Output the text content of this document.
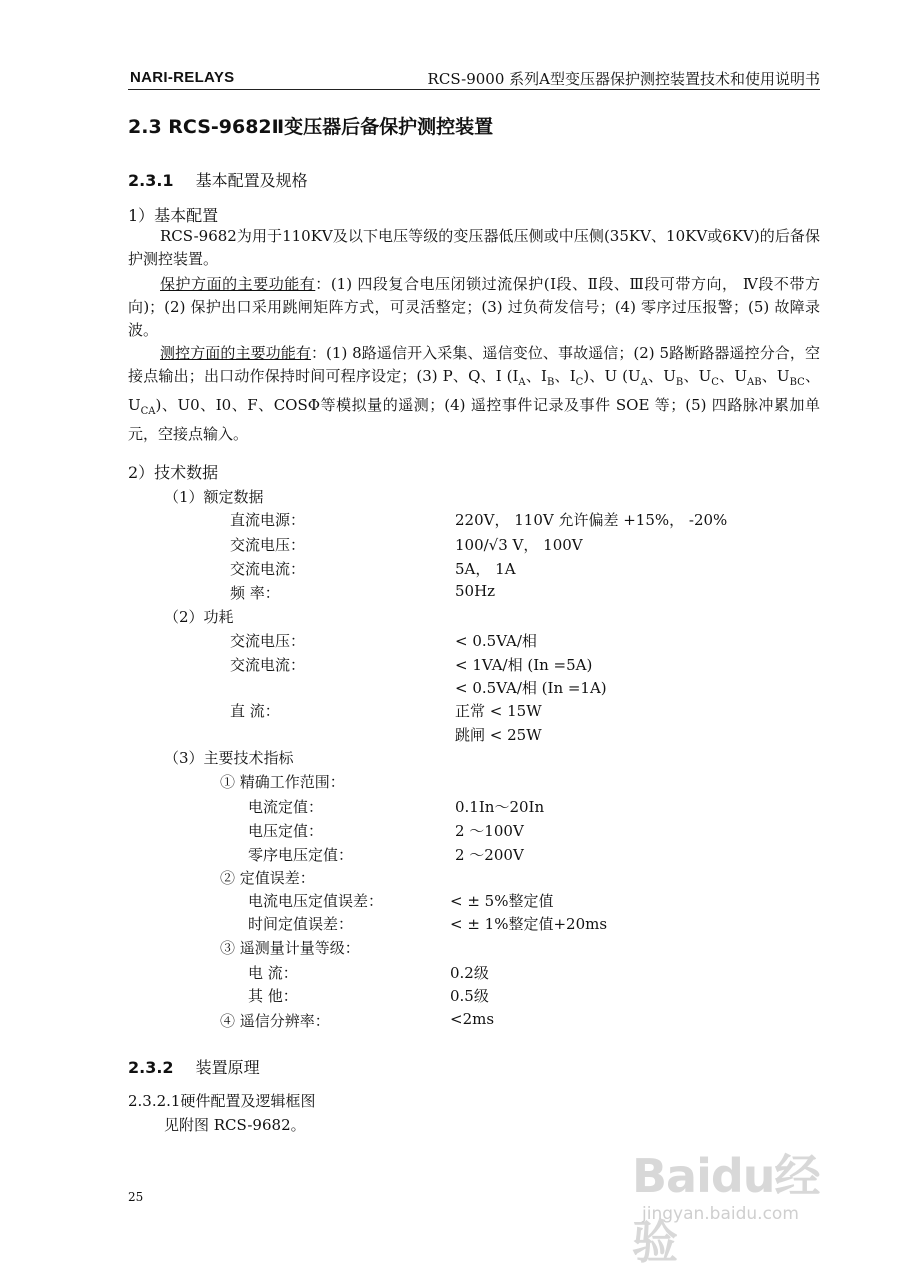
NARI-RELAYS	RCS-9000 系列A型变压器保护测控装置技术和使用说明书
2.3 RCS-9682Ⅱ变压器后备保护测控装置
2.3.1 基本配置及规格
1）基本配置
RCS-9682为用于110KV及以下电压等级的变压器低压侧或中压侧(35KV、10KV或6KV)的后备保护测控装置。
保护方面的主要功能有：(1) 四段复合电压闭锁过流保护(Ⅰ段、Ⅱ段、Ⅲ段可带方向， Ⅳ段不带方向)；(2) 保护出口采用跳闸矩阵方式，可灵活整定；(3) 过负荷发信号；(4) 零序过压报警；(5) 故障录波。
测控方面的主要功能有：(1) 8路遥信开入采集、遥信变位、事故遥信；(2) 5路断路器遥控分合，空接点输出；出口动作保持时间可程序设定；(3) P、Q、I ($I_A$、$I_B$、$I_C$)、U ($U_A$、$U_B$、$U_C$、$U_{AB}$、$U_{BC}$、$U_{CA}$)、U0、I0、F、COSΦ等模拟量的遥测；(4) 遥控事件记录及事件 SOE 等；(5) 四路脉冲累加单元，空接点输入。
2）技术数据
（1）额定数据
直流电源：	220V， 110V 允许偏差 +15%， -20%
交流电压：	100/√3 V， 100V
交流电流：	5A， 1A
频 率：	50Hz
（2）功耗
交流电压：	< 0.5VA/相
交流电流：	< 1VA/相 (In =5A)
< 0.5VA/相 (In =1A)
直 流：	正常 < 15W
跳闸 < 25W
（3）主要技术指标
① 精确工作范围：
电流定值：	0.1In～20In
电压定值：	2 ～100V
零序电压定值：	2 ～200V
② 定值误差：
电流电压定值误差：	< ± 5%整定值
时间定值误差：	< ± 1%整定值+20ms
③ 遥测量计量等级：
电 流：	0.2级
其 他：	0.5级
④ 遥信分辨率：	<2ms
2.3.2 装置原理
2.3.2.1硬件配置及逻辑框图
见附图 RCS-9682。
25	Baidu经验
jingyan.baidu.com
